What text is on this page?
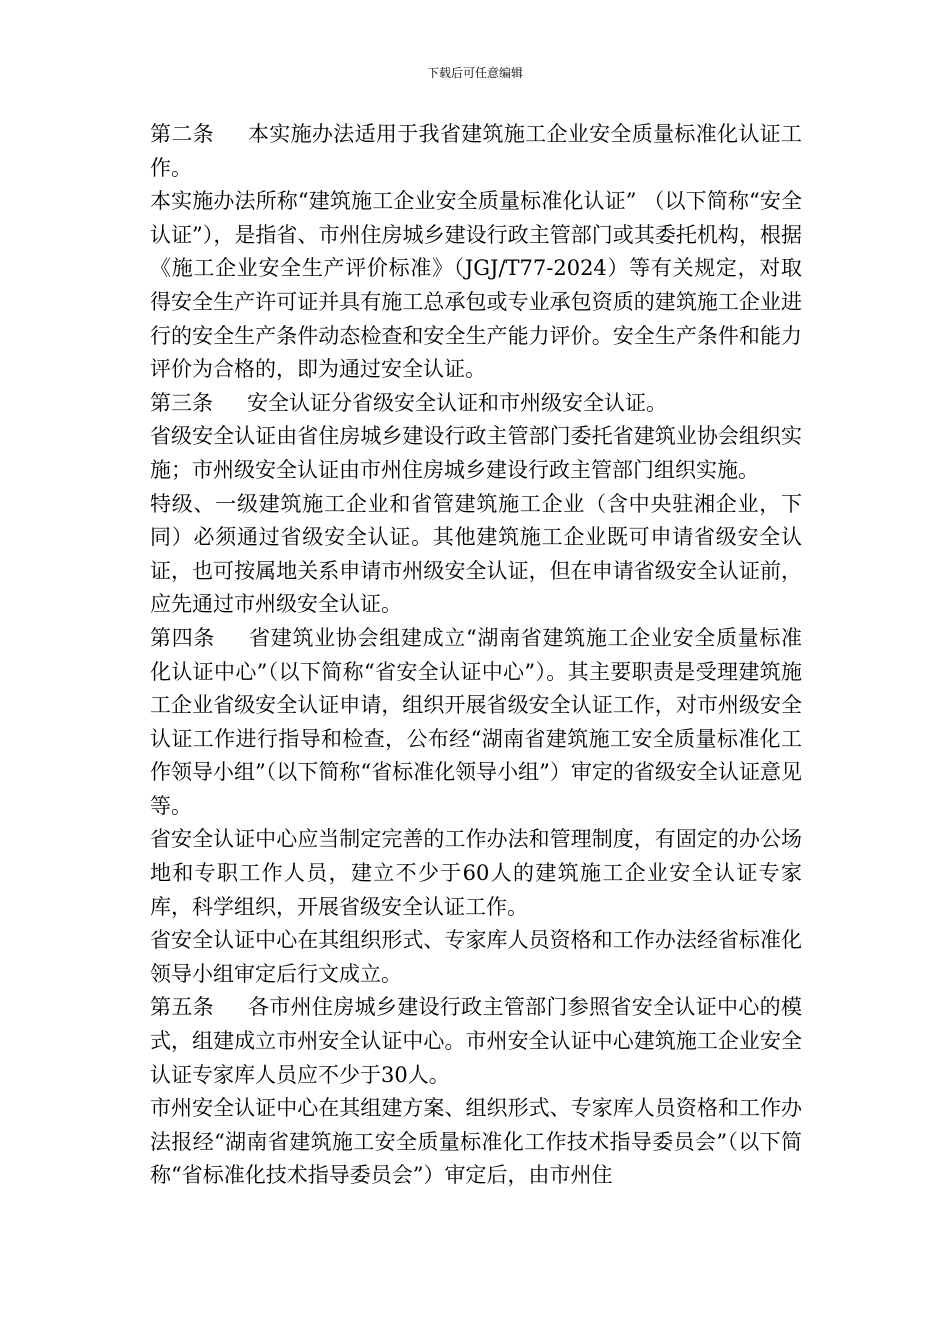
下载后可任意编辑

第二条 本实施办法适用于我省建筑施工企业安全质量标准化认证工作。

本实施办法所称“建筑施工企业安全质量标准化认证” （以下简称“安全认证”），是指省、市州住房城乡建设行政主管部门或其委托机构，根据《施工企业安全生产评价标准》（JGJ/T77-2024）等有关规定，对取得安全生产许可证并具有施工总承包或专业承包资质的建筑施工企业进行的安全生产条件动态检查和安全生产能力评价。安全生产条件和能力评价为合格的，即为通过安全认证。

第三条 安全认证分省级安全认证和市州级安全认证。

省级安全认证由省住房城乡建设行政主管部门委托省建筑业协会组织实施；市州级安全认证由市州住房城乡建设行政主管部门组织实施。

特级、一级建筑施工企业和省管建筑施工企业（含中央驻湘企业，下同）必须通过省级安全认证。其他建筑施工企业既可申请省级安全认证，也可按属地关系申请市州级安全认证，但在申请省级安全认证前，应先通过市州级安全认证。

第四条 省建筑业协会组建成立“湖南省建筑施工企业安全质量标准化认证中心”（以下简称“省安全认证中心”）。其主要职责是受理建筑施工企业省级安全认证申请，组织开展省级安全认证工作，对市州级安全认证工作进行指导和检查，公布经“湖南省建筑施工安全质量标准化工作领导小组”（以下简称“省标准化领导小组”）审定的省级安全认证意见等。

省安全认证中心应当制定完善的工作办法和管理制度，有固定的办公场地和专职工作人员，建立不少于60人的建筑施工企业安全认证专家库，科学组织，开展省级安全认证工作。

省安全认证中心在其组织形式、专家库人员资格和工作办法经省标准化领导小组审定后行文成立。

第五条 各市州住房城乡建设行政主管部门参照省安全认证中心的模式，组建成立市州安全认证中心。市州安全认证中心建筑施工企业安全认证专家库人员应不少于30人。

市州安全认证中心在其组建方案、组织形式、专家库人员资格和工作办法报经“湖南省建筑施工安全质量标准化工作技术指导委员会”（以下简称“省标准化技术指导委员会”）审定后，由市州住
